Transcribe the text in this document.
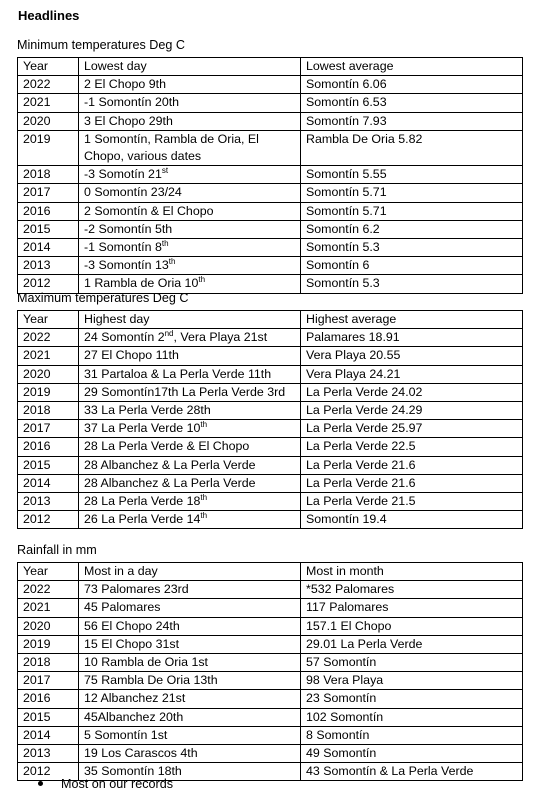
Headlines
Minimum temperatures Deg C
Year	Lowest day	Lowest average
2022	2 El Chopo 9th	Somontín 6.06
2021	-1 Somontín 20th	Somontín 6.53
2020	3 El Chopo 29th	Somontín 7.93
2019	1 Somontín, Rambla de Oria, El Chopo, various dates	Rambla De Oria 5.82
2018	-3 Somotín 21st	Somontín 5.55
2017	0 Somontín 23/24	Somontín 5.71
2016	2 Somontín & El Chopo	Somontín 5.71
2015	-2 Somontín 5th	Somontín 6.2
2014	-1 Somontín 8th	Somontín 5.3
2013	-3 Somontín 13th	Somontín 6
2012	1 Rambla de Oria 10th	Somontín 5.3
Maximum temperatures Deg C
Year	Highest day	Highest average
2022	24 Somontín 2nd, Vera Playa 21st	Palamares 18.91
2021	27 El Chopo 11th	Vera Playa 20.55
2020	31 Partaloa & La Perla Verde 11th	Vera Playa 24.21
2019	29 Somontín17th La Perla Verde 3rd	La Perla Verde 24.02
2018	33 La Perla Verde 28th	La Perla Verde 24.29
2017	37 La Perla Verde 10th	La Perla Verde 25.97
2016	28 La Perla Verde & El Chopo	La Perla Verde 22.5
2015	28 Albanchez & La Perla Verde	La Perla Verde 21.6
2014	28 Albanchez & La Perla Verde	La Perla Verde 21.6
2013	28 La Perla Verde 18th	La Perla Verde 21.5
2012	26 La Perla Verde 14th	Somontín 19.4
Rainfall in mm
Year	Most in a day	Most in month
2022	73 Palomares 23rd	*532 Palomares
2021	45 Palomares	117 Palomares
2020	56 El Chopo 24th	157.1 El Chopo
2019	15 El Chopo 31st	29.01 La Perla Verde
2018	10 Rambla de Oria 1st	57 Somontín
2017	75 Rambla De Oria 13th	98 Vera Playa
2016	12 Albanchez 21st	23 Somontín
2015	45Albanchez 20th	102 Somontín
2014	5 Somontín 1st	8 Somontín
2013	19 Los Carascos 4th	49 Somontín
2012	35 Somontín 18th	43 Somontín & La Perla Verde
Most on our records
